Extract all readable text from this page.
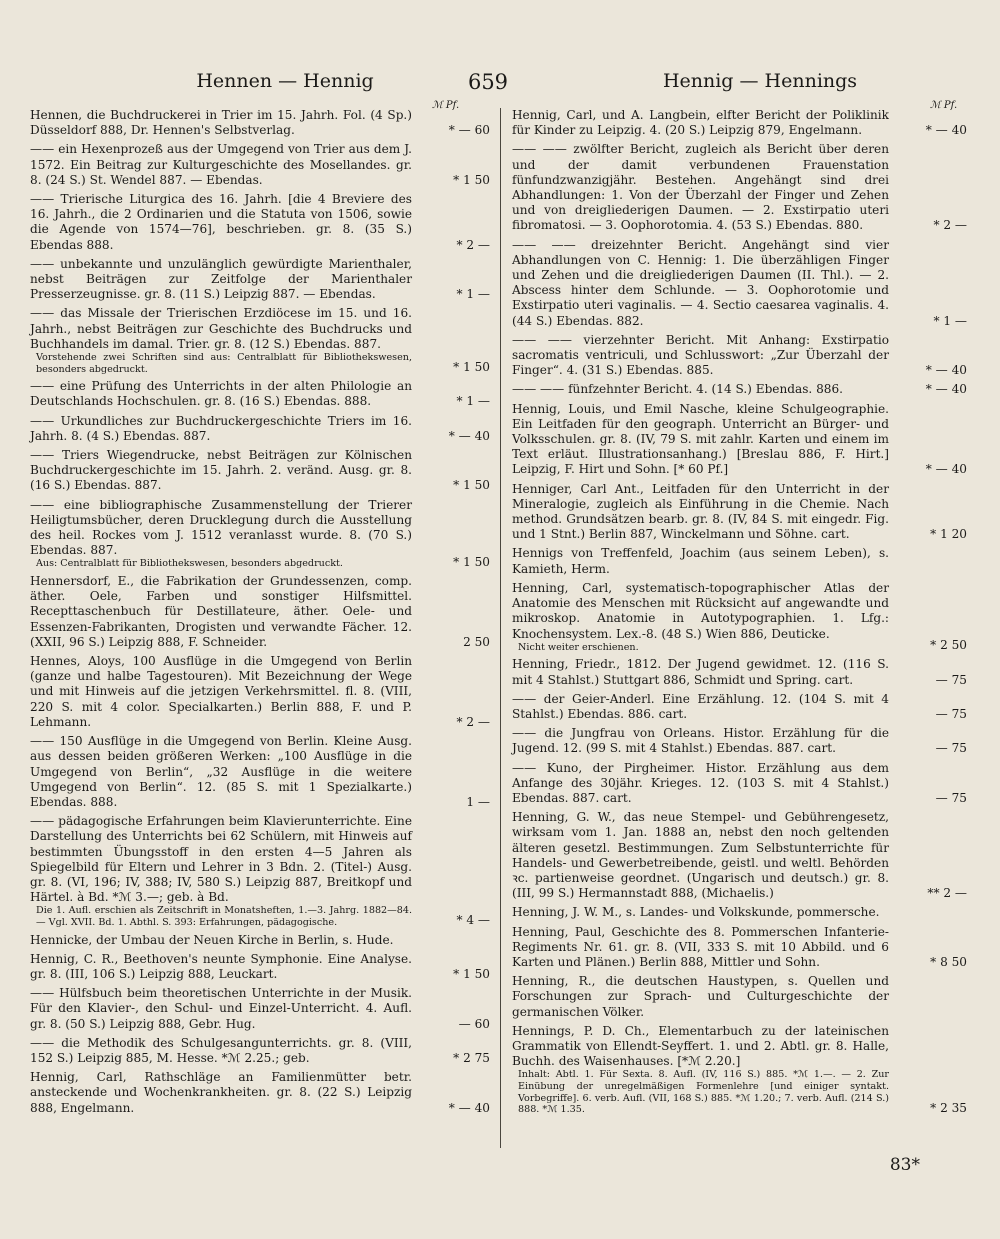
Hennen — Hennig	659	Hennig — Hennings
ℳ Pf.	ℳ Pf.
Hennen, die Buchdruckerei in Trier im 15. Jahrh. Fol. (4 Sp.) Düsseldorf 888, Dr. Hennen's Selbstverlag.	* — 60
—— ein Hexenprozeß aus der Umgegend von Trier aus dem J. 1572. Ein Beitrag zur Kulturgeschichte des Mosellandes. gr. 8. (24 S.) St. Wendel 887. — Ebendas.	* 1 50
—— Trierische Liturgica des 16. Jahrh. [die 4 Breviere des 16. Jahrh., die 2 Ordinarien und die Statuta von 1506, sowie die Agende von 1574—76], beschrieben. gr. 8. (35 S.) Ebendas 888.	* 2 —
—— unbekannte und unzulänglich gewürdigte Marienthaler, nebst Beiträgen zur Zeitfolge der Marienthaler Presserzeugnisse. gr. 8. (11 S.) Leipzig 887. — Ebendas.	* 1 —
—— das Missale der Trierischen Erzdiöcese im 15. und 16. Jahrh., nebst Beiträgen zur Geschichte des Buchdrucks und Buchhandels im damal. Trier. gr. 8. (12 S.) Ebendas. 887.
Vorstehende zwei Schriften sind aus: Centralblatt für Bibliothekswesen, besonders abgedruckt.	* 1 50
—— eine Prüfung des Unterrichts in der alten Philologie an Deutschlands Hochschulen. gr. 8. (16 S.) Ebendas. 888.	* 1 —
—— Urkundliches zur Buchdruckergeschichte Triers im 16. Jahrh. 8. (4 S.) Ebendas. 887.	* — 40
—— Triers Wiegendrucke, nebst Beiträgen zur Kölnischen Buchdruckergeschichte im 15. Jahrh. 2. veränd. Ausg. gr. 8. (16 S.) Ebendas. 887.	* 1 50
—— eine bibliographische Zusammenstellung der Trierer Heiligtumsbücher, deren Drucklegung durch die Ausstellung des heil. Rockes vom J. 1512 veranlasst wurde. 8. (70 S.) Ebendas. 887.
Aus: Centralblatt für Bibliothekswesen, besonders abgedruckt.	* 1 50
Hennersdorf, E., die Fabrikation der Grundessenzen, comp. äther. Oele, Farben und sonstiger Hilfsmittel. Recepttaschenbuch für Destillateure, äther. Oele- und Essenzen-Fabrikanten, Drogisten und verwandte Fächer. 12. (XXII, 96 S.) Leipzig 888, F. Schneider.	2 50
Hennes, Aloys, 100 Ausflüge in die Umgegend von Berlin (ganze und halbe Tagestouren). Mit Bezeichnung der Wege und mit Hinweis auf die jetzigen Verkehrsmittel. fl. 8. (VIII, 220 S. mit 4 color. Specialkarten.) Berlin 888, F. und P. Lehmann.	* 2 —
—— 150 Ausflüge in die Umgegend von Berlin. Kleine Ausg. aus dessen beiden größeren Werken: „100 Ausflüge in die Umgegend von Berlin“, „32 Ausflüge in die weitere Umgegend von Berlin“. 12. (85 S. mit 1 Spezialkarte.) Ebendas. 888.	1 —
—— pädagogische Erfahrungen beim Klavierunterrichte. Eine Darstellung des Unterrichts bei 62 Schülern, mit Hinweis auf bestimmten Übungsstoff in den ersten 4—5 Jahren als Spiegelbild für Eltern und Lehrer in 3 Bdn. 2. (Titel-) Ausg. gr. 8. (VI, 196; IV, 388; IV, 580 S.) Leipzig 887, Breitkopf und Härtel. à Bd. *ℳ 3.—; geb. à Bd.
Die 1. Aufl. erschien als Zeitschrift in Monatsheften, 1.—3. Jahrg. 1882—84. — Vgl. XVII. Bd. 1. Abthl. S. 393: Erfahrungen, pädagogische.	* 4 —
Hennicke, der Umbau der Neuen Kirche in Berlin, s. Hude.
Hennig, C. R., Beethoven's neunte Symphonie. Eine Analyse. gr. 8. (III, 106 S.) Leipzig 888, Leuckart.	* 1 50
—— Hülfsbuch beim theoretischen Unterrichte in der Musik. Für den Klavier-, den Schul- und Einzel-Unterricht. 4. Aufl. gr. 8. (50 S.) Leipzig 888, Gebr. Hug.	— 60
—— die Methodik des Schulgesangunterrichts. gr. 8. (VIII, 152 S.) Leipzig 885, M. Hesse. *ℳ 2.25.; geb.	* 2 75
Hennig, Carl, Rathschläge an Familienmütter betr. ansteckende und Wochenkrankheiten. gr. 8. (22 S.) Leipzig 888, Engelmann.	* — 40
Hennig, Carl, und A. Langbein, elfter Bericht der Poliklinik für Kinder zu Leipzig. 4. (20 S.) Leipzig 879, Engelmann.	* — 40
—— —— zwölfter Bericht, zugleich als Bericht über deren und der damit verbundenen Frauenstation fünfundzwanzigjähr. Bestehen. Angehängt sind drei Abhandlungen: 1. Von der Überzahl der Finger und Zehen und von dreigliederigen Daumen. — 2. Exstirpatio uteri fibromatosi. — 3. Oophorotomia. 4. (53 S.) Ebendas. 880.	* 2 —
—— —— dreizehnter Bericht. Angehängt sind vier Abhandlungen von C. Hennig: 1. Die überzähligen Finger und Zehen und die dreigliederigen Daumen (II. Thl.). — 2. Abscess hinter dem Schlunde. — 3. Oophorotomie und Exstirpatio uteri vaginalis. — 4. Sectio caesarea vaginalis. 4. (44 S.) Ebendas. 882.	* 1 —
—— —— vierzehnter Bericht. Mit Anhang: Exstirpatio sacromatis ventriculi, und Schlusswort: „Zur Überzahl der Finger“. 4. (31 S.) Ebendas. 885.	* — 40
—— —— fünfzehnter Bericht. 4. (14 S.) Ebendas. 886.	* — 40
Hennig, Louis, und Emil Nasche, kleine Schulgeographie. Ein Leitfaden für den geograph. Unterricht an Bürger- und Volksschulen. gr. 8. (IV, 79 S. mit zahlr. Karten und einem im Text erläut. Illustrationsanhang.) [Breslau 886, F. Hirt.] Leipzig, F. Hirt und Sohn. [* 60 Pf.]	* — 40
Henniger, Carl Ant., Leitfaden für den Unterricht in der Mineralogie, zugleich als Einführung in die Chemie. Nach method. Grundsätzen bearb. gr. 8. (IV, 84 S. mit eingedr. Fig. und 1 Stnt.) Berlin 887, Winckelmann und Söhne. cart.	* 1 20
Hennigs von Treffenfeld, Joachim (aus seinem Leben), s. Kamieth, Herm.
Henning, Carl, systematisch-topographischer Atlas der Anatomie des Menschen mit Rücksicht auf angewandte und mikroskop. Anatomie in Autotypographien. 1. Lfg.: Knochensystem. Lex.-8. (48 S.) Wien 886, Deuticke.
Nicht weiter erschienen.	* 2 50
Henning, Friedr., 1812. Der Jugend gewidmet. 12. (116 S. mit 4 Stahlst.) Stuttgart 886, Schmidt und Spring. cart.	— 75
—— der Geier-Anderl. Eine Erzählung. 12. (104 S. mit 4 Stahlst.) Ebendas. 886. cart.	— 75
—— die Jungfrau von Orleans. Histor. Erzählung für die Jugend. 12. (99 S. mit 4 Stahlst.) Ebendas. 887. cart.	— 75
—— Kuno, der Pirgheimer. Histor. Erzählung aus dem Anfange des 30jähr. Krieges. 12. (103 S. mit 4 Stahlst.) Ebendas. 887. cart.	— 75
Henning, G. W., das neue Stempel- und Gebührengesetz, wirksam vom 1. Jan. 1888 an, nebst den noch geltenden älteren gesetzl. Bestimmungen. Zum Selbstunterrichte für Handels- und Gewerbetreibende, geistl. und weltl. Behörden ꝛc. partienweise geordnet. (Ungarisch und deutsch.) gr. 8. (III, 99 S.) Hermannstadt 888, (Michaelis.)	** 2 —
Henning, J. W. M., s. Landes- und Volkskunde, pommersche.
Henning, Paul, Geschichte des 8. Pommerschen Infanterie-Regiments Nr. 61. gr. 8. (VII, 333 S. mit 10 Abbild. und 6 Karten und Plänen.) Berlin 888, Mittler und Sohn.	* 8 50
Henning, R., die deutschen Haustypen, s. Quellen und Forschungen zur Sprach- und Culturgeschichte der germanischen Völker.
Hennings, P. D. Ch., Elementarbuch zu der lateinischen Grammatik von Ellendt-Seyffert. 1. und 2. Abtl. gr. 8. Halle, Buchh. des Waisenhauses. [*ℳ 2.20.]
Inhalt: Abtl. 1. Für Sexta. 8. Aufl. (IV, 116 S.) 885. *ℳ 1.—. — 2. Zur Einübung der unregelmäßigen Formenlehre [und einiger syntakt. Vorbegriffe]. 6. verb. Aufl. (VII, 168 S.) 885. *ℳ 1.20.; 7. verb. Aufl. (214 S.) 888. *ℳ 1.35.	* 2 35
83*
